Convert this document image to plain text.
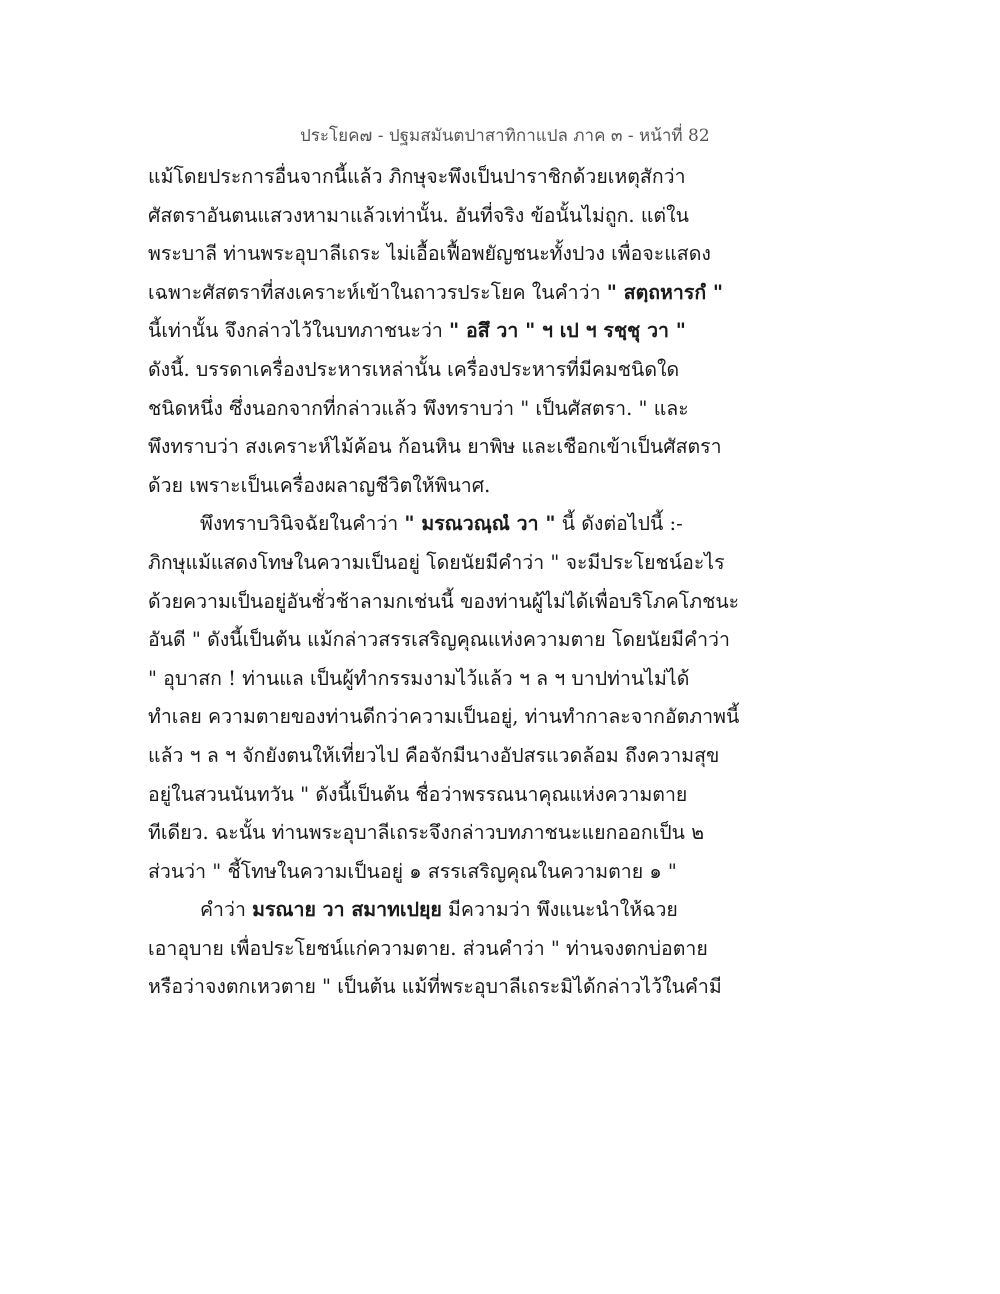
ประโยค๗ - ปฐมสมันตปาสาทิกาแปล ภาค ๓ - หน้าที่ 82
แม้โดยประการอื่นจากนี้แล้ว ภิกษุจะพึงเป็นปาราชิกด้วยเหตุสักว่า
ศัสตราอันตนแสวงหามาแล้วเท่านั้น. อันที่จริง ข้อนั้นไม่ถูก. แต่ใน
พระบาลี ท่านพระอุบาลีเถระ ไม่เอื้อเฟื้อพยัญชนะทั้งปวง เพื่อจะแสดง
เฉพาะศัสตราที่สงเคราะห์เข้าในถาวรประโยค ในคำว่า " สตฺถหารกํ "
นี้เท่านั้น จึงกล่าวไว้ในบทภาชนะว่า " อสึ วา " ฯ เป ฯ รชฺชุ วา "
ดังนี้. บรรดาเครื่องประหารเหล่านั้น เครื่องประหารที่มีคมชนิดใด
ชนิดหนึ่ง ซึ่งนอกจากที่กล่าวแล้ว พึงทราบว่า " เป็นศัสตรา. " และ
พึงทราบว่า สงเคราะห์ไม้ค้อน ก้อนหิน ยาพิษ และเชือกเข้าเป็นศัสตรา
ด้วย เพราะเป็นเครื่องผลาญชีวิตให้พินาศ.
พึงทราบวินิจฉัยในคำว่า " มรณวณฺณํ วา " นี้ ดังต่อไปนี้ :-
ภิกษุแม้แสดงโทษในความเป็นอยู่ โดยนัยมีคำว่า " จะมีประโยชน์อะไร
ด้วยความเป็นอยู่อันชั่วช้าลามกเช่นนี้ ของท่านผู้ไม่ได้เพื่อบริโภคโภชนะ
อันดี " ดังนี้เป็นต้น แม้กล่าวสรรเสริญคุณแห่งความตาย โดยนัยมีคำว่า
" อุบาสก ! ท่านแล เป็นผู้ทำกรรมงามไว้แล้ว ฯ ล ฯ บาปท่านไม่ได้
ทำเลย ความตายของท่านดีกว่าความเป็นอยู่, ท่านทำกาละจากอัตภาพนี้
แล้ว ฯ ล ฯ จักยังตนให้เที่ยวไป คือจักมีนางอัปสรแวดล้อม ถึงความสุข
อยู่ในสวนนันทวัน " ดังนี้เป็นต้น ชื่อว่าพรรณนาคุณแห่งความตาย
ทีเดียว. ฉะนั้น ท่านพระอุบาลีเถระจึงกล่าวบทภาชนะแยกออกเป็น ๒
ส่วนว่า " ชี้โทษในความเป็นอยู่ ๑ สรรเสริญคุณในความตาย ๑ "
คำว่า มรณาย วา สมาทเปยฺย มีความว่า พึงแนะนำให้ฉวย
เอาอุบาย เพื่อประโยชน์แก่ความตาย. ส่วนคำว่า " ท่านจงตกบ่อตาย
หรือว่าจงตกเหวตาย " เป็นต้น แม้ที่พระอุบาลีเถระมิได้กล่าวไว้ในคำมี
